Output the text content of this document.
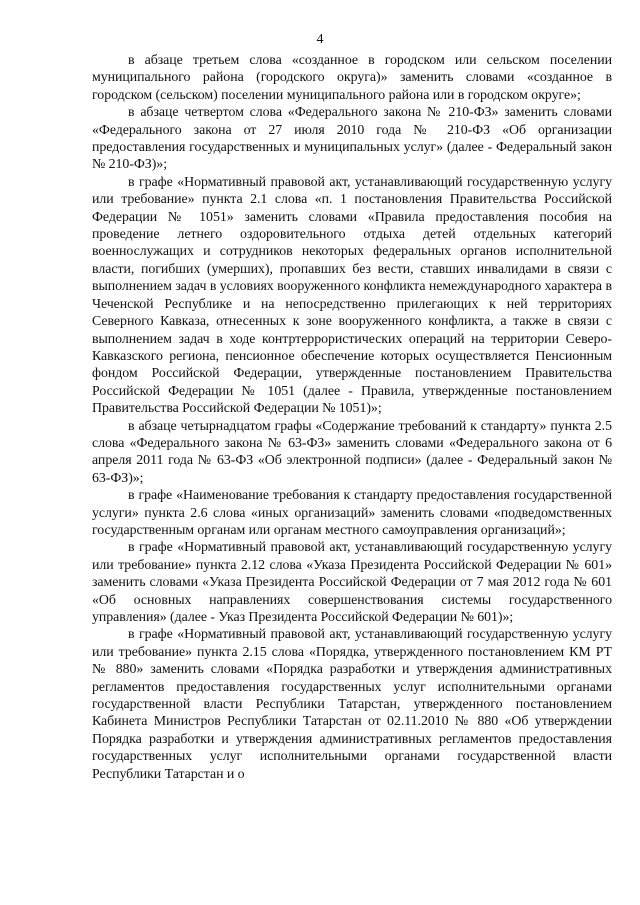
4

в абзаце третьем слова «созданное в городском или сельском поселении муниципального района (городского округа)» заменить словами «созданное в городском (сельском) поселении муниципального района или в городском округе»;

в абзаце четвертом слова «Федерального закона № 210-ФЗ» заменить словами «Федерального закона от 27 июля 2010 года № 210-ФЗ «Об организации предоставления государственных и муниципальных услуг» (далее - Федеральный закон № 210-ФЗ)»;

в графе «Нормативный правовой акт, устанавливающий государственную услугу или требование» пункта 2.1 слова «п. 1 постановления Правительства Российской Федерации № 1051» заменить словами «Правила предоставления пособия на проведение летнего оздоровительного отдыха детей отдельных категорий военнослужащих и сотрудников некоторых федеральных органов исполнительной власти, погибших (умерших), пропавших без вести, ставших инвалидами в связи с выполнением задач в условиях вооруженного конфликта немеждународного характера в Чеченской Республике и на непосредственно прилегающих к ней территориях Северного Кавказа, отнесенных к зоне вооруженного конфликта, а также в связи с выполнением задач в ходе контртеррористических операций на территории Северо-Кавказского региона, пенсионное обеспечение которых осуществляется Пенсионным фондом Российской Федерации, утвержденные постановлением Правительства Российской Федерации № 1051 (далее - Правила, утвержденные постановлением Правительства Российской Федерации № 1051)»;

в абзаце четырнадцатом графы «Содержание требований к стандарту» пункта 2.5 слова «Федерального закона № 63-ФЗ» заменить словами «Федерального закона от 6 апреля 2011 года № 63-ФЗ «Об электронной подписи» (далее - Федеральный закон № 63-ФЗ)»;

в графе «Наименование требования к стандарту предоставления государственной услуги» пункта 2.6 слова «иных организаций» заменить словами «подведомственных государственным органам или органам местного самоуправления организаций»;

в графе «Нормативный правовой акт, устанавливающий государственную услугу или требование» пункта 2.12 слова «Указа Президента Российской Федерации № 601» заменить словами «Указа Президента Российской Федерации от 7 мая 2012 года № 601 «Об основных направлениях совершенствования системы государственного управления» (далее - Указ Президента Российской Федерации № 601)»;

в графе «Нормативный правовой акт, устанавливающий государственную услугу или требование» пункта 2.15 слова «Порядка, утвержденного постановлением КМ РТ № 880» заменить словами «Порядка разработки и утверждения административных регламентов предоставления государственных услуг исполнительными органами государственной власти Республики Татарстан, утвержденного постановлением Кабинета Министров Республики Татарстан от 02.11.2010 № 880 «Об утверждении Порядка разработки и утверждения административных регламентов предоставления государственных услуг исполнительными органами государственной власти Республики Татарстан и о
